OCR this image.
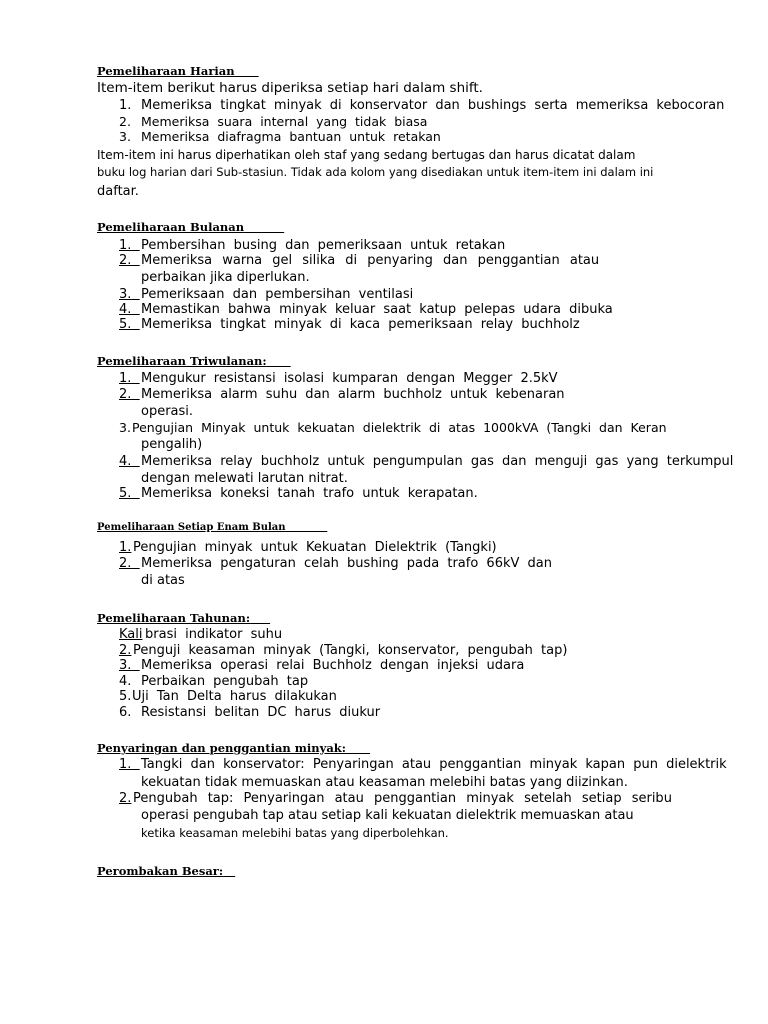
Pemeliharaan Harian
Item-item berikut harus diperiksa setiap hari dalam shift.
1. Memeriksa tingkat minyak di konservator dan bushings serta memeriksa kebocoran
2. Memeriksa suara internal yang tidak biasa
3. Memeriksa diafragma bantuan untuk retakan
Item-item ini harus diperhatikan oleh staf yang sedang bertugas dan harus dicatat dalam
buku log harian dari Sub-stasiun. Tidak ada kolom yang disediakan untuk item-item ini dalam ini
daftar.
Pemeliharaan Bulanan
1. Pembersihan busing dan pemeriksaan untuk retakan
2. Memeriksa warna gel silika di penyaring dan penggantian atau
perbaikan jika diperlukan.
3. Pemeriksaan dan pembersihan ventilasi
4. Memastikan bahwa minyak keluar saat katup pelepas udara dibuka
5. Memeriksa tingkat minyak di kaca pemeriksaan relay buchholz
Pemeliharaan Triwulanan:
1. Mengukur resistansi isolasi kumparan dengan Megger 2.5kV
2. Memeriksa alarm suhu dan alarm buchholz untuk kebenaran
operasi.
3. Pengujian Minyak untuk kekuatan dielektrik di atas 1000kVA (Tangki dan Keran
pengalih)
4. Memeriksa relay buchholz untuk pengumpulan gas dan menguji gas yang terkumpul
dengan melewati larutan nitrat.
5. Memeriksa koneksi tanah trafo untuk kerapatan.
Pemeliharaan Setiap Enam Bulan
1. Pengujian minyak untuk Kekuatan Dielektrik (Tangki)
2. Memeriksa pengaturan celah bushing pada trafo 66kV dan
di atas
Pemeliharaan Tahunan:
Kali brasi indikator suhu
2. Penguji keasaman minyak (Tangki, konservator, pengubah tap)
3. Memeriksa operasi relai Buchholz dengan injeksi udara
4. Perbaikan pengubah tap
5. Uji Tan Delta harus dilakukan
6. Resistansi belitan DC harus diukur
Penyaringan dan penggantian minyak:
1. Tangki dan konservator: Penyaringan atau penggantian minyak kapan pun dielektrik
kekuatan tidak memuaskan atau keasaman melebihi batas yang diizinkan.
2. Pengubah tap: Penyaringan atau penggantian minyak setelah setiap seribu
operasi pengubah tap atau setiap kali kekuatan dielektrik memuaskan atau
ketika keasaman melebihi batas yang diperbolehkan.
Perombakan Besar:
